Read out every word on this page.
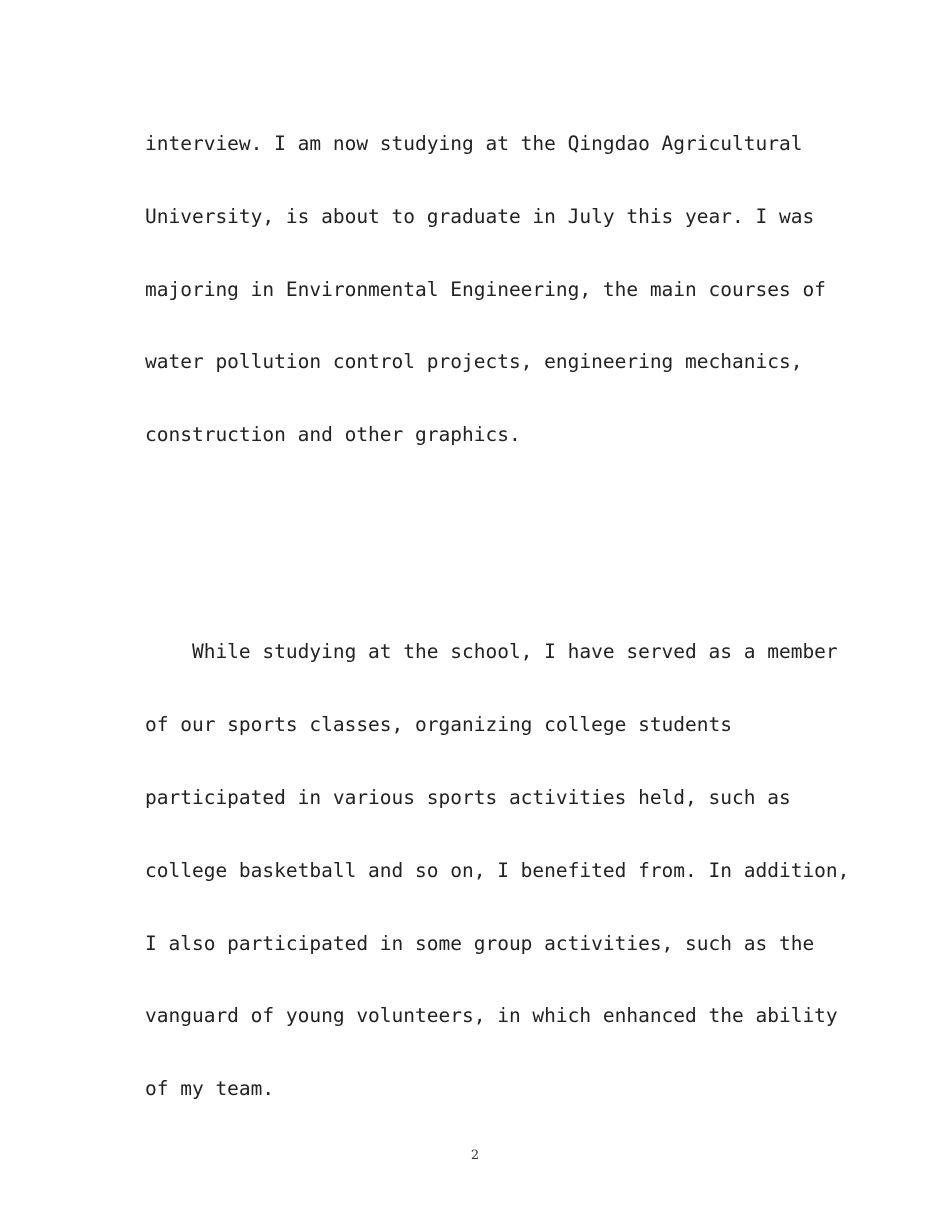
interview. I am now studying at the Qingdao Agricultural
University, is about to graduate in July this year. I was
majoring in Environmental Engineering, the main courses of
water pollution control projects, engineering mechanics,
construction and other graphics.
While studying at the school, I have served as a member
of our sports classes, organizing college students
participated in various sports activities held, such as
college basketball and so on, I benefited from. In addition,
I also participated in some group activities, such as the
vanguard of young volunteers, in which enhanced the ability
of my team.
2
